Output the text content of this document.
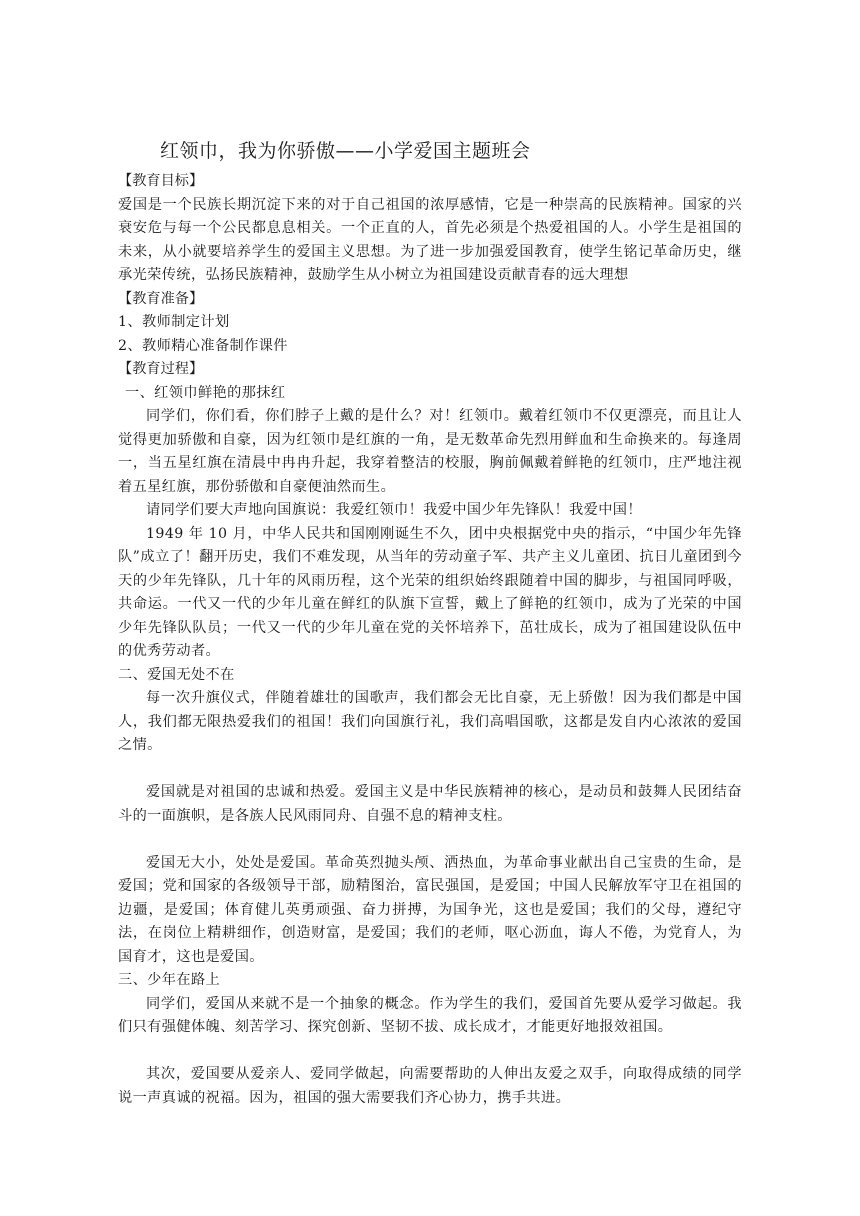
红领巾，我为你骄傲——小学爱国主题班会

【教育目标】

爱国是一个民族长期沉淀下来的对于自己祖国的浓厚感情，它是一种崇高的民族精神。国家的兴衰安危与每一个公民都息息相关。一个正直的人，首先必须是个热爱祖国的人。小学生是祖国的未来，从小就要培养学生的爱国主义思想。为了进一步加强爱国教育，使学生铭记革命历史，继承光荣传统，弘扬民族精神，鼓励学生从小树立为祖国建设贡献青春的远大理想

【教育准备】

1、教师制定计划

2、教师精心准备制作课件

【教育过程】

一、红领巾鲜艳的那抹红

同学们，你们看，你们脖子上戴的是什么？对！红领巾。戴着红领巾不仅更漂亮，而且让人觉得更加骄傲和自豪，因为红领巾是红旗的一角，是无数革命先烈用鲜血和生命换来的。每逢周一，当五星红旗在清晨中冉冉升起，我穿着整洁的校服，胸前佩戴着鲜艳的红领巾，庄严地注视着五星红旗，那份骄傲和自豪便油然而生。

请同学们要大声地向国旗说：我爱红领巾！我爱中国少年先锋队！我爱中国！

1949 年 10 月，中华人民共和国刚刚诞生不久，团中央根据党中央的指示，“中国少年先锋队”成立了！翻开历史，我们不难发现，从当年的劳动童子军、共产主义儿童团、抗日儿童团到今天的少年先锋队，几十年的风雨历程，这个光荣的组织始终跟随着中国的脚步，与祖国同呼吸，共命运。一代又一代的少年儿童在鲜红的队旗下宣誓，戴上了鲜艳的红领巾，成为了光荣的中国少年先锋队队员；一代又一代的少年儿童在党的关怀培养下，茁壮成长，成为了祖国建设队伍中的优秀劳动者。

二、爱国无处不在

每一次升旗仪式，伴随着雄壮的国歌声，我们都会无比自豪，无上骄傲！因为我们都是中国人，我们都无限热爱我们的祖国！我们向国旗行礼，我们高唱国歌，这都是发自内心浓浓的爱国之情。

爱国就是对祖国的忠诚和热爱。爱国主义是中华民族精神的核心，是动员和鼓舞人民团结奋斗的一面旗帜，是各族人民风雨同舟、自强不息的精神支柱。

爱国无大小，处处是爱国。革命英烈抛头颅、洒热血，为革命事业献出自己宝贵的生命，是爱国；党和国家的各级领导干部，励精图治，富民强国，是爱国；中国人民解放军守卫在祖国的边疆，是爱国；体育健儿英勇顽强、奋力拼搏，为国争光，这也是爱国；我们的父母，遵纪守法，在岗位上精耕细作，创造财富，是爱国；我们的老师，呕心沥血，诲人不倦，为党育人，为国育才，这也是爱国。

三、少年在路上

同学们，爱国从来就不是一个抽象的概念。作为学生的我们，爱国首先要从爱学习做起。我们只有强健体魄、刻苦学习、探究创新、坚韧不拔、成长成才，才能更好地报效祖国。

其次，爱国要从爱亲人、爱同学做起，向需要帮助的人伸出友爱之双手，向取得成绩的同学说一声真诚的祝福。因为，祖国的强大需要我们齐心协力，携手共进。
